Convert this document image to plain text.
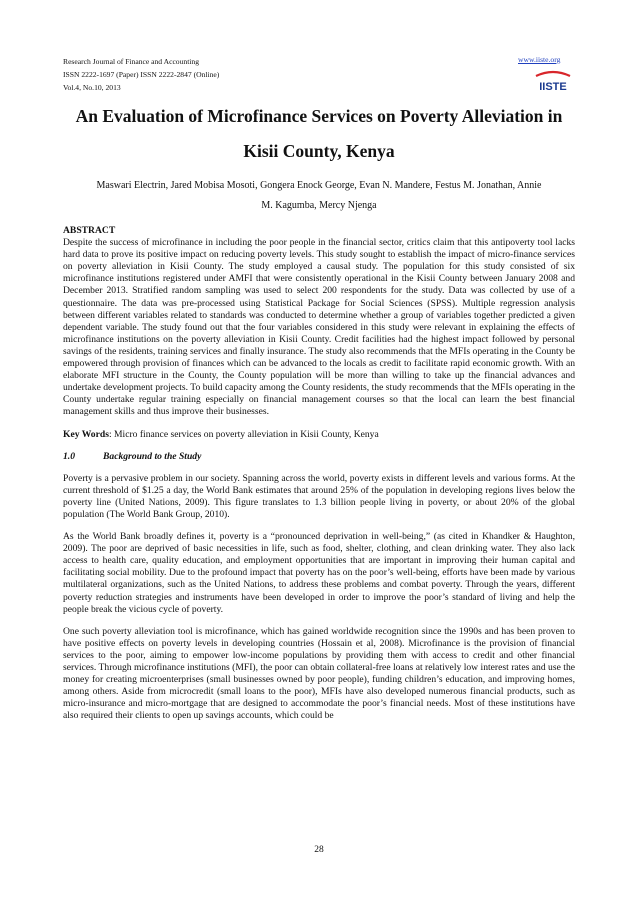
Research Journal of Finance and Accounting
ISSN 2222-1697 (Paper) ISSN 2222-2847 (Online)
Vol.4, No.10, 2013
www.iiste.org
IISTE
An Evaluation of Microfinance Services on Poverty Alleviation in
Kisii County, Kenya
Maswari Electrin, Jared Mobisa Mosoti, Gongera Enock George, Evan N. Mandere, Festus M. Jonathan, Annie
M. Kagumba, Mercy Njenga

ABSTRACT
Despite the success of microfinance in including the poor people in the financial sector, critics claim that this antipoverty tool lacks hard data to prove its positive impact on reducing poverty levels. This study sought to establish the impact of micro-finance services on poverty alleviation in Kisii County. The study employed a causal study. The population for this study consisted of six microfinance institutions registered under AMFI that were consistently operational in the Kisii County between January 2008 and December 2013. Stratified random sampling was used to select 200 respondents for the study. Data was collected by use of a questionnaire. The data was pre-processed using Statistical Package for Social Sciences (SPSS). Multiple regression analysis between different variables related to standards was conducted to determine whether a group of variables together predicted a given dependent variable. The study found out that the four variables considered in this study were relevant in explaining the effects of microfinance institutions on the poverty alleviation in Kisii County. Credit facilities had the highest impact followed by personal savings of the residents, training services and finally insurance. The study also recommends that the MFIs operating in the County be empowered through provision of finances which can be advanced to the locals as credit to facilitate rapid economic growth. With an elaborate MFI structure in the County, the County population will be more than willing to take up the financial advances and undertake development projects. To build capacity among the County residents, the study recommends that the MFIs operating in the County undertake regular training especially on financial management courses so that the local can learn the best financial management skills and thus improve their businesses.

Key Words: Micro finance services on poverty alleviation in Kisii County, Kenya

1.0	Background to the Study

Poverty is a pervasive problem in our society. Spanning across the world, poverty exists in different levels and various forms. At the current threshold of $1.25 a day, the World Bank estimates that around 25% of the population in developing regions lives below the poverty line (United Nations, 2009). This figure translates to 1.3 billion people living in poverty, or about 20% of the global population (The World Bank Group, 2010).

As the World Bank broadly defines it, poverty is a “pronounced deprivation in well-being,” (as cited in Khandker & Haughton, 2009). The poor are deprived of basic necessities in life, such as food, shelter, clothing, and clean drinking water. They also lack access to health care, quality education, and employment opportunities that are important in improving their human capital and facilitating social mobility. Due to the profound impact that poverty has on the poor’s well-being, efforts have been made by various multilateral organizations, such as the United Nations, to address these problems and combat poverty. Through the years, different poverty reduction strategies and instruments have been developed in order to improve the poor’s standard of living and help the people break the vicious cycle of poverty.

One such poverty alleviation tool is microfinance, which has gained worldwide recognition since the 1990s and has been proven to have positive effects on poverty levels in developing countries (Hossain et al, 2008). Microfinance is the provision of financial services to the poor, aiming to empower low-income populations by providing them with access to credit and other financial services. Through microfinance institutions (MFI), the poor can obtain collateral-free loans at relatively low interest rates and use the money for creating microenterprises (small businesses owned by poor people), funding children’s education, and improving homes, among others. Aside from microcredit (small loans to the poor), MFIs have also developed numerous financial products, such as micro-insurance and micro-mortgage that are designed to accommodate the poor’s financial needs. Most of these institutions have also required their clients to open up savings accounts, which could be

28
